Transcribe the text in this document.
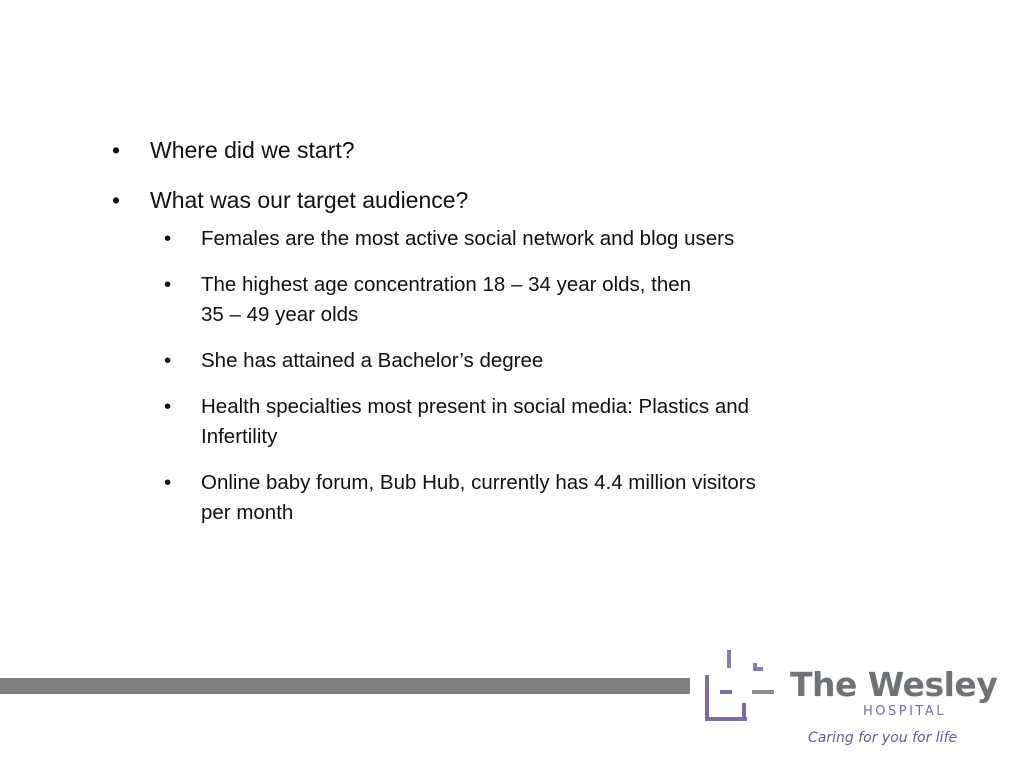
• Where did we start?
• What was our target audience?
• Females are the most active social network and blog users
• The highest age concentration 18 – 34 year olds, then
35 – 49 year olds
• She has attained a Bachelor’s degree
• Health specialties most present in social media: Plastics and
Infertility
• Online baby forum, Bub Hub, currently has 4.4 million visitors
per month
The Wesley
HOSPITAL
Caring for you for life
